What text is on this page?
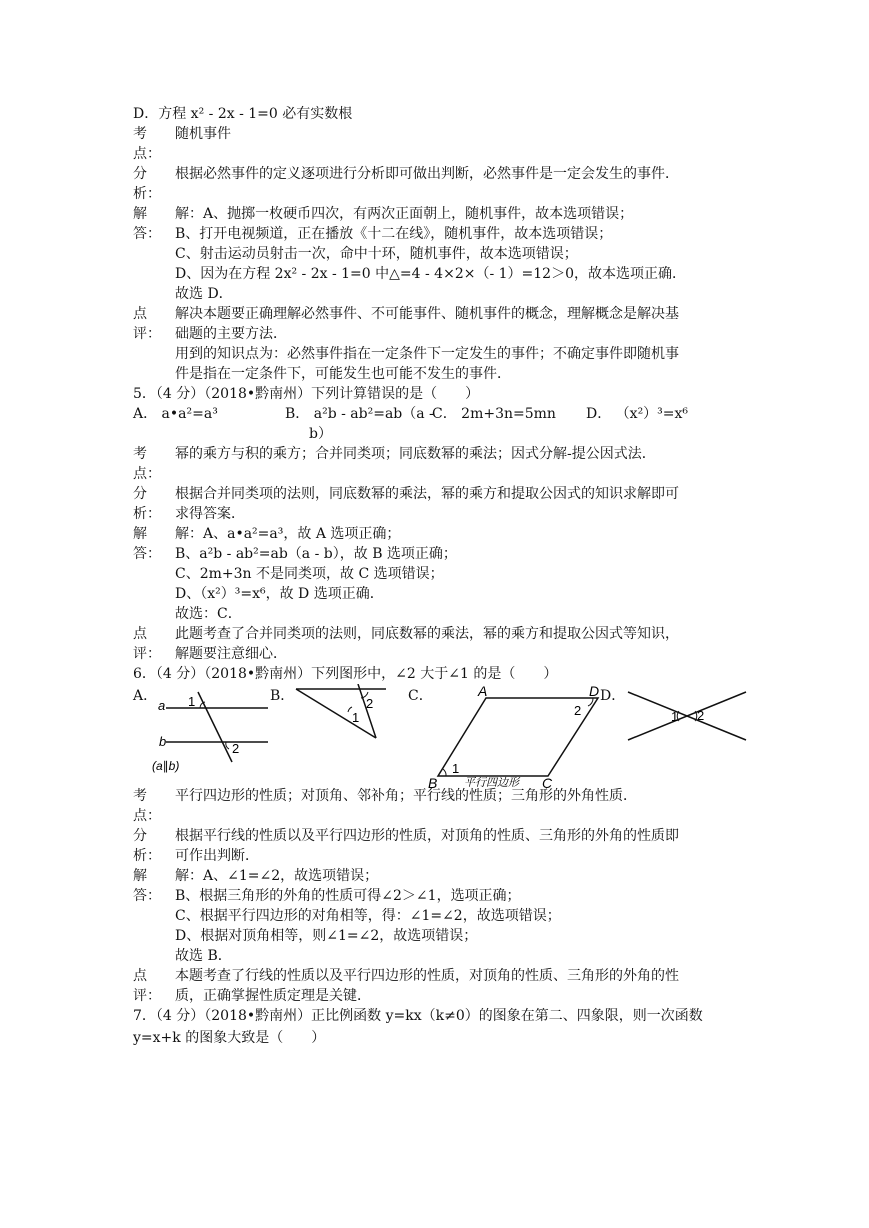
D．方程 x² - 2x - 1=0 必有实数根
考
点：
随机事件
分
析：
根据必然事件的定义逐项进行分析即可做出判断，必然事件是一定会发生的事件．
解
答：
解：A、抛掷一枚硬币四次，有两次正面朝上，随机事件，故本选项错误；
B、打开电视频道，正在播放《十二在线》，随机事件，故本选项错误；
C、射击运动员射击一次，命中十环，随机事件，故本选项错误；
D、因为在方程 2x² - 2x - 1=0 中△=4 - 4×2×（- 1）=12＞0，故本选项正确．
故选 D．
点
评：
解决本题要正确理解必然事件、不可能事件、随机事件的概念，理解概念是解决基
础题的主要方法．
用到的知识点为：必然事件指在一定条件下一定发生的事件；不确定事件即随机事
件是指在一定条件下，可能发生也可能不发生的事件．
5．（4 分）（2018•黔南州）下列计算错误的是（　　）
A． a•a²=a³	B． a²b - ab²=ab（a -
b）
C． 2m+3n=5mn D． （x²）³=x⁶
考
点：
幂的乘方与积的乘方；合并同类项；同底数幂的乘法；因式分解-提公因式法．
分
析：
根据合并同类项的法则，同底数幂的乘法，幂的乘方和提取公因式的知识求解即可
求得答案．
解
答：
解：A、a•a²=a³，故 A 选项正确；
B、a²b - ab²=ab（a - b），故 B 选项正确；
C、2m+3n 不是同类项，故 C 选项错误；
D、（x²）³=x⁶，故 D 选项正确．
故选：C．
点
评：
此题考查了合并同类项的法则，同底数幂的乘法，幂的乘方和提取公因式等知识，
解题要注意细心．
6．（4 分）（2018•黔南州）下列图形中，∠2 大于∠1 的是（　　）
A．	B．	C．	D．
a
b
1
2
(a∥b)
1
2
A	D
B	C
1
2
平行四边形
1 2
考
点：
平行四边形的性质；对顶角、邻补角；平行线的性质；三角形的外角性质．
分
析：
根据平行线的性质以及平行四边形的性质，对顶角的性质、三角形的外角的性质即
可作出判断．
解
答：
解：A、∠1=∠2，故选项错误；
B、根据三角形的外角的性质可得∠2＞∠1，选项正确；
C、根据平行四边形的对角相等，得：∠1=∠2，故选项错误；
D、根据对顶角相等，则∠1=∠2，故选项错误；
故选 B．
点
评：
本题考查了行线的性质以及平行四边形的性质，对顶角的性质、三角形的外角的性
质，正确掌握性质定理是关键．
7．（4 分）（2018•黔南州）正比例函数 y=kx（k≠0）的图象在第二、四象限，则一次函数
y=x+k 的图象大致是（　　）
